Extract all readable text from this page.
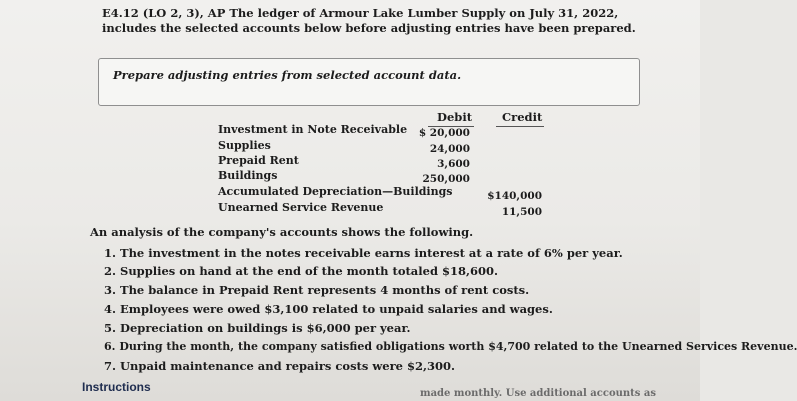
E4.12 (LO 2, 3), AP The ledger of Armour Lake Lumber Supply on July 31, 2022, includes the selected accounts below before adjusting entries have been prepared.
Prepare adjusting entries from selected account data.
Debit	Credit
Investment in Note Receivable
Supplies
Prepaid Rent
Buildings
Accumulated Depreciation—Buildings
Unearned Service Revenue
$ 20,000
24,000
3,600
250,000
$140,000
11,500
An analysis of the company's accounts shows the following.
1. The investment in the notes receivable earns interest at a rate of 6% per year.
2. Supplies on hand at the end of the month totaled $18,600.
3. The balance in Prepaid Rent represents 4 months of rent costs.
4. Employees were owed $3,100 related to unpaid salaries and wages.
5. Depreciation on buildings is $6,000 per year.
6. During the month, the company satisfied obligations worth $4,700 related to the Unearned Services Revenue.
7. Unpaid maintenance and repairs costs were $2,300.
Instructions	made monthly. Use additional accounts as
